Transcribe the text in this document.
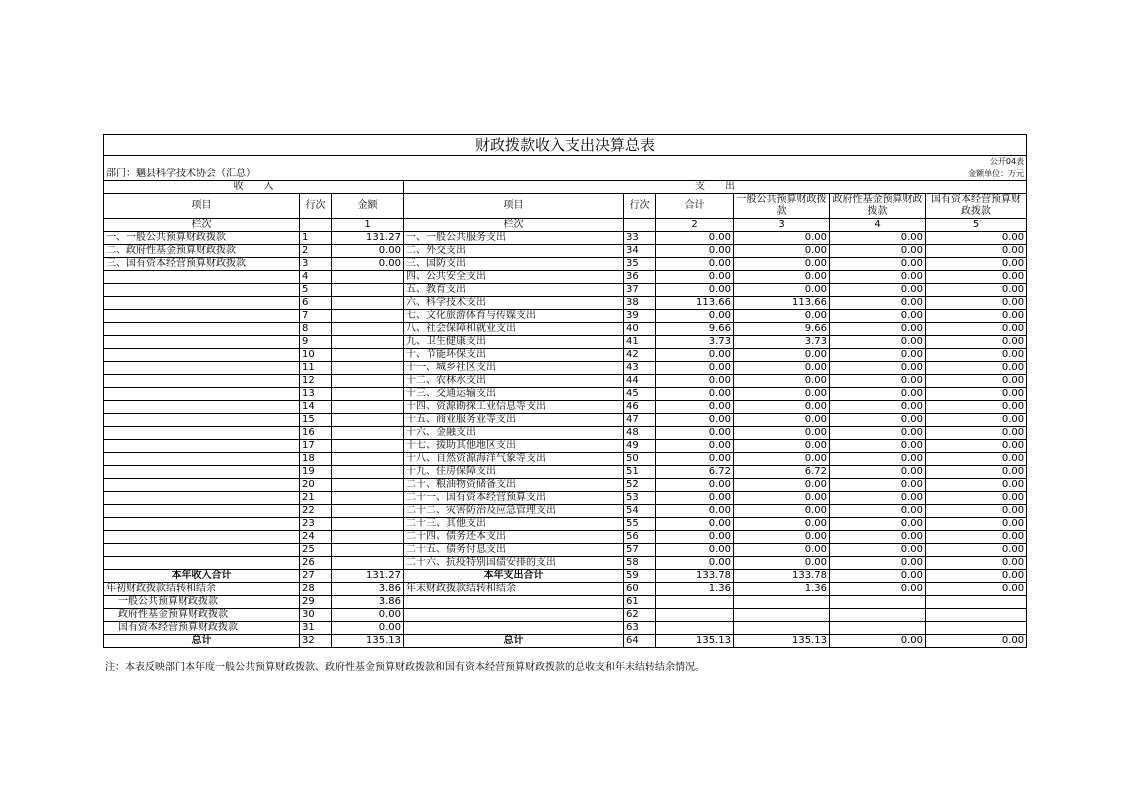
财政拨款收入支出决算总表								
								公开04表
部门：魑县科学技术协会（汇总）						金额单位：万元		
收　　入			支　　出					
项目	行次	金额	项目	行次	合计	一般公共预算财政拨款	政府性基金预算财政拨款	国有资本经营预算财政拨款
栏次		1	栏次		2	3	4	5
一、一般公共预算财政拨款	1	131.27	一、一般公共服务支出	33	0.00	0.00	0.00	0.00
二、政府性基金预算财政拨款	2	0.00	二、外交支出	34	0.00	0.00	0.00	0.00
三、国有资本经营预算财政拨款	3	0.00	三、国防支出	35	0.00	0.00	0.00	0.00
	4		四、公共安全支出	36	0.00	0.00	0.00	0.00
	5		五、教育支出	37	0.00	0.00	0.00	0.00
	6		六、科学技术支出	38	113.66	113.66	0.00	0.00
	7		七、文化旅游体育与传媒支出	39	0.00	0.00	0.00	0.00
	8		八、社会保障和就业支出	40	9.66	9.66	0.00	0.00
	9		九、卫生健康支出	41	3.73	3.73	0.00	0.00
	10		十、节能环保支出	42	0.00	0.00	0.00	0.00
	11		十一、城乡社区支出	43	0.00	0.00	0.00	0.00
	12		十二、农林水支出	44	0.00	0.00	0.00	0.00
	13		十三、交通运输支出	45	0.00	0.00	0.00	0.00
	14		十四、资源勘探工业信息等支出	46	0.00	0.00	0.00	0.00
	15		十五、商业服务业等支出	47	0.00	0.00	0.00	0.00
	16		十六、金融支出	48	0.00	0.00	0.00	0.00
	17		十七、援助其他地区支出	49	0.00	0.00	0.00	0.00
	18		十八、自然资源海洋气象等支出	50	0.00	0.00	0.00	0.00
	19		十九、住房保障支出	51	6.72	6.72	0.00	0.00
	20		二十、粮油物资储备支出	52	0.00	0.00	0.00	0.00
	21		二十一、国有资本经营预算支出	53	0.00	0.00	0.00	0.00
	22		二十二、灾害防治及应急管理支出	54	0.00	0.00	0.00	0.00
	23		二十三、其他支出	55	0.00	0.00	0.00	0.00
	24		二十四、债务还本支出	56	0.00	0.00	0.00	0.00
	25		二十五、债务付息支出	57	0.00	0.00	0.00	0.00
	26		二十六、抗疫特别国债安排的支出	58	0.00	0.00	0.00	0.00
本年收入合计	27	131.27	本年支出合计	59	133.78	133.78	0.00	0.00
年初财政拨款结转和结余	28	3.86	年末财政拨款结转和结余	60	1.36	1.36	0.00	0.00
一般公共预算财政拨款	29	3.86		61				
政府性基金预算财政拨款	30	0.00		62				
国有资本经营预算财政拨款	31	0.00		63				
总计	32	135.13	总计	64	135.13	135.13	0.00	0.00
注：本表反映部门本年度一般公共预算财政拨款、政府性基金预算财政拨款和国有资本经营预算财政拨款的总收支和年末结转结余情况。
